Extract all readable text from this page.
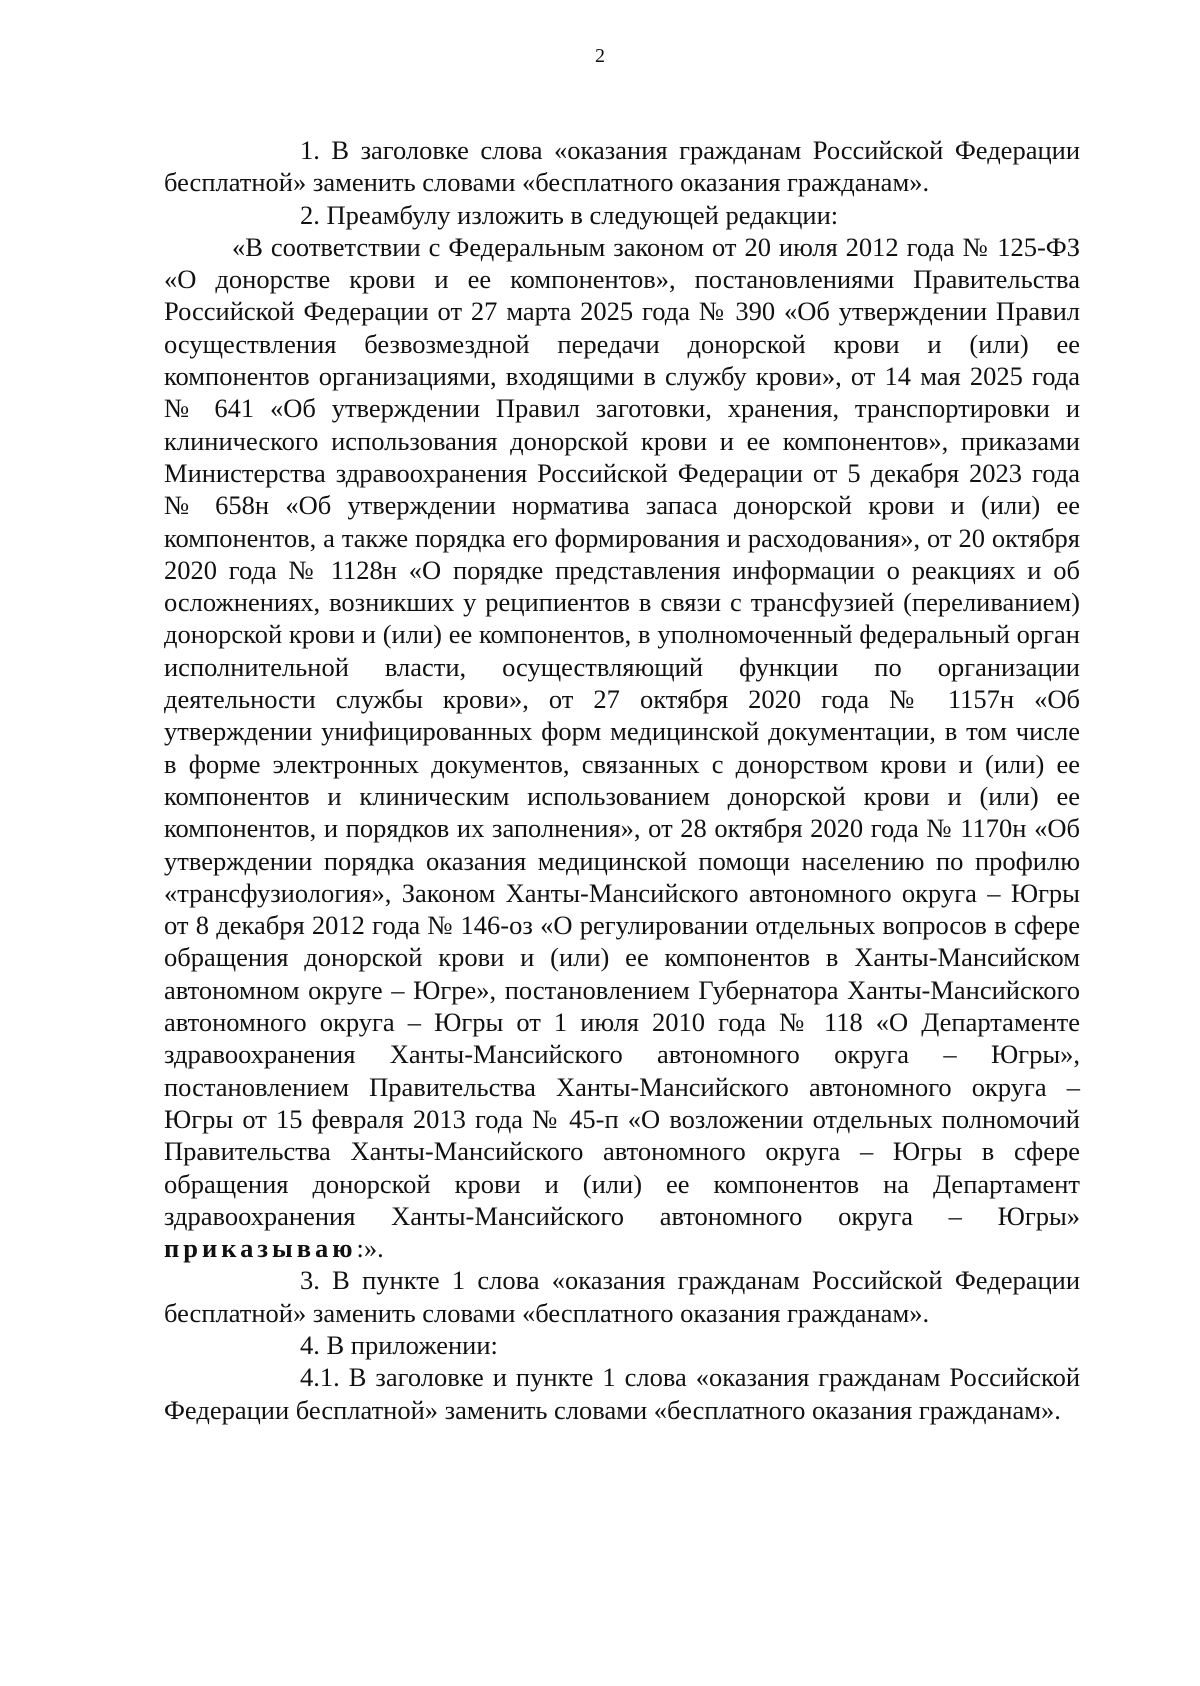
2

1. В заголовке слова «оказания гражданам Российской Федерации бесплатной» заменить словами «бесплатного оказания гражданам».

2. Преамбулу изложить в следующей редакции:

«В соответствии с Федеральным законом от 20 июля 2012 года № 125-ФЗ «О донорстве крови и ее компонентов», постановлениями Правительства Российской Федерации от 27 марта 2025 года № 390 «Об утверждении Правил осуществления безвозмездной передачи донорской крови и (или) ее компонентов организациями, входящими в службу крови», от 14 мая 2025 года № 641 «Об утверждении Правил заготовки, хранения, транспортировки и клинического использования донорской крови и ее компонентов», приказами Министерства здравоохранения Российской Федерации от 5 декабря 2023 года № 658н «Об утверждении норматива запаса донорской крови и (или) ее компонентов, а также порядка его формирования и расходования», от 20 октября 2020 года № 1128н «О порядке представления информации о реакциях и об осложнениях, возникших у реципиентов в связи с трансфузией (переливанием) донорской крови и (или) ее компонентов, в уполномоченный федеральный орган исполнительной власти, осуществляющий функции по организации деятельности службы крови», от 27 октября 2020 года № 1157н «Об утверждении унифицированных форм медицинской документации, в том числе в форме электронных документов, связанных с донорством крови и (или) ее компонентов и клиническим использованием донорской крови и (или) ее компонентов, и порядков их заполнения», от 28 октября 2020 года № 1170н «Об утверждении порядка оказания медицинской помощи населению по профилю «трансфузиология», Законом Ханты-Мансийского автономного округа – Югры от 8 декабря 2012 года № 146-оз «О регулировании отдельных вопросов в сфере обращения донорской крови и (или) ее компонентов в Ханты-Мансийском автономном округе – Югре», постановлением Губернатора Ханты-Мансийского автономного округа – Югры от 1 июля 2010 года № 118 «О Департаменте здравоохранения Ханты-Мансийского автономного округа – Югры», постановлением Правительства Ханты-Мансийского автономного округа – Югры от 15 февраля 2013 года № 45-п «О возложении отдельных полномочий Правительства Ханты-Мансийского автономного округа – Югры в сфере обращения донорской крови и (или) ее компонентов на Департамент здравоохранения Ханты-Мансийского автономного округа – Югры» приказываю:».

3. В пункте 1 слова «оказания гражданам Российской Федерации бесплатной» заменить словами «бесплатного оказания гражданам».

4. В приложении:

4.1. В заголовке и пункте 1 слова «оказания гражданам Российской Федерации бесплатной» заменить словами «бесплатного оказания гражданам».
